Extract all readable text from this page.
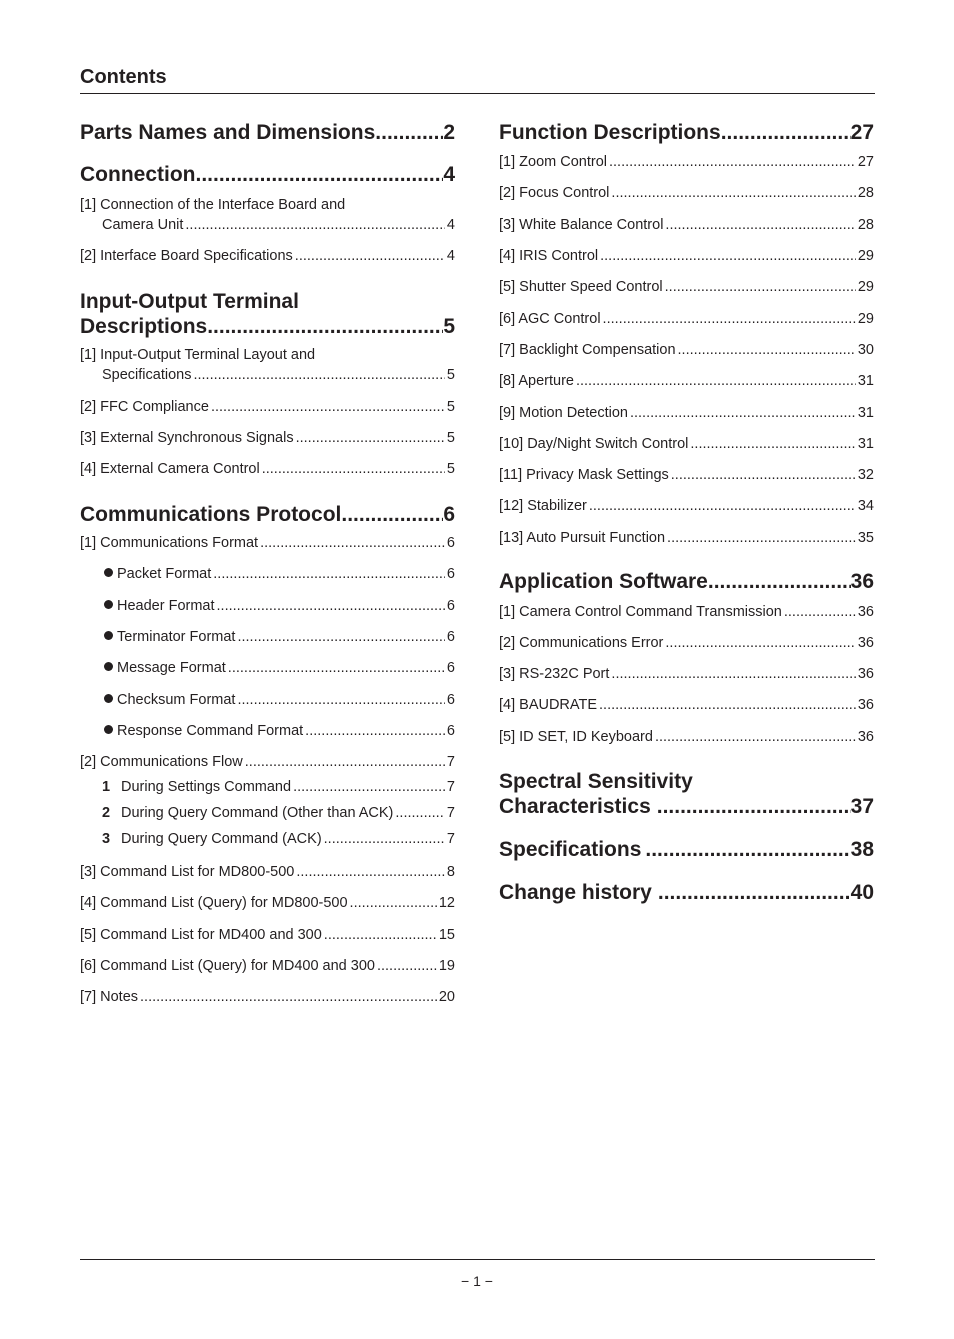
Contents
Parts Names and Dimensions .....	2
Connection .....	4
[1] Connection of the Interface Board and
Camera Unit .....	4
[2] Interface Board Specifications .....	4
Input-Output Terminal
Descriptions .....	5
[1] Input-Output Terminal Layout and
Specifications .....	5
[2] FFC Compliance .....	5
[3] External Synchronous Signals .....	5
[4] External Camera Control .....	5
Communications Protocol .....	6
[1] Communications Format .....	6
Packet Format .....	6
Header Format .....	6
Terminator Format .....	6
Message Format .....	6
Checksum Format .....	6
Response Command Format .....	6
[2] Communications Flow .....	7
1 During Settings Command .....	7
2 During Query Command (Other than ACK) .....	7
3 During Query Command (ACK) .....	7
[3] Command List for MD800-500 .....	8
[4] Command List (Query) for MD800-500 .....	12
[5] Command List for MD400 and 300 .....	15
[6] Command List (Query) for MD400 and 300 .....	19
[7] Notes .....	20
Function Descriptions .....	27
[1] Zoom Control .....	27
[2] Focus Control .....	28
[3] White Balance Control .....	28
[4] IRIS Control .....	29
[5] Shutter Speed Control .....	29
[6] AGC Control .....	29
[7] Backlight Compensation .....	30
[8] Aperture .....	31
[9] Motion Detection .....	31
[10] Day/Night Switch Control .....	31
[11] Privacy Mask Settings .....	32
[12] Stabilizer .....	34
[13] Auto Pursuit Function .....	35
Application Software .....	36
[1] Camera Control Command Transmission .....	36
[2] Communications Error .....	36
[3] RS-232C Port .....	36
[4] BAUDRATE .....	36
[5] ID SET, ID Keyboard .....	36
Spectral Sensitivity
Characteristics .....	37
Specifications .....	38
Change history .....	40
− 1 −
